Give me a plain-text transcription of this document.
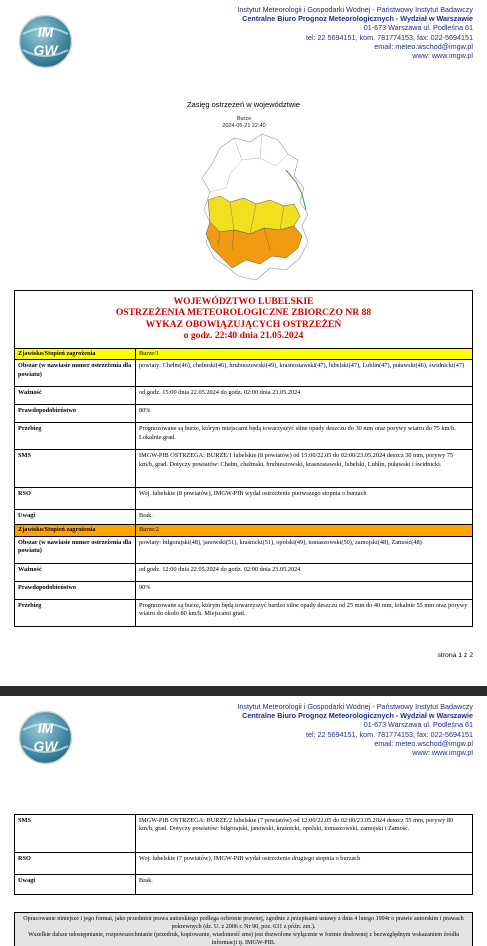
IM
GW
Instytut Meteorologii i Gospodarki Wodnej - Państwowy Instytut Badawczy
Centralne Biuro Prognoz Meteorologicznych - Wydział w Warszawie
01-673 Warszawa ul. Podleśna 61
tel: 22 5694151, kom. 781774153, fax: 022-5694151
email: meteo.wschod@imgw.pl
www: www.imgw.pl
Zasięg ostrzeżeń w województwie
Burze
2024-05-21 22:40
WOJEWÓDZTWO LUBELSKIE
OSTRZEŻENIA METEOROLOGICZNE ZBIORCZO NR 88
WYKAZ OBOWIĄZUJĄCYCH OSTRZEŻEŃ
o godz. 22:40 dnia 21.05.2024
Zjawisko/Stopień zagrożenia	Burze/1
Obszar (w nawiasie numer ostrzeżenia dla powiatu)	powiaty: Chełm(46), chełmski(46), hrubieszowski(49), krasnostawski(47), lubelski(47), Lublin(47), puławski(46), świdnicki(47)
Ważność	od godz. 15:00 dnia 22.05.2024 do godz. 02:00 dnia 23.05.2024
Prawdopodobieństwo	80%
Przebieg	Prognozowane są burze, którym miejscami będą towarzyszyć silne opady deszczu do 30 mm oraz porywy wiatru do 75 km/h. Lokalnie grad.
SMS	IMGW-PIB OSTRZEGA: BURZE/1 lubelskie (8 powiatów) od 15:00/22.05 do 02:00/23.05.2024 deszcz 30 mm, porywy 75 km/h, grad. Dotyczy powiatów: Chełm, chełmski, hrubieszowski, krasnostawski, lubelski, Lublin, puławski i świdnicki.
RSO	Woj. lubelskie (8 powiatów), IMGW-PIB wydał ostrzeżenie pierwszego stopnia o burzach
Uwagi	Brak.
Zjawisko/Stopień zagrożenia	Burze/2
Obszar (w nawiasie numer ostrzeżenia dla powiatu)	powiaty: biłgorajski(48), janowski(51), kraśnicki(51), opolski(49), tomaszowski(50), zamojski(48), Zamość(48)
Ważność	od godz. 12:00 dnia 22.05.2024 do godz. 02:00 dnia 23.05.2024
Prawdopodobieństwo	90%
Przebieg	Prognozowane są burze, którym będą towarzyszyć bardzo silne opady deszczu od 25 mm do 40 mm, lokalnie 55 mm oraz porywy wiatru do około 80 km/h. Miejscami grad.
strona 1 z 2
IM
GW
Instytut Meteorologii i Gospodarki Wodnej - Państwowy Instytut Badawczy
Centralne Biuro Prognoz Meteorologicznych - Wydział w Warszawie
01-673 Warszawa ul. Podleśna 61
tel: 22 5694151, kom. 781774153, fax: 022-5694151
email: meteo.wschod@imgw.pl
www: www.imgw.pl
SMS	IMGW-PIB OSTRZEGA: BURZE/2 lubelskie (7 powiatów) od 12:00/22.05 do 02:00/23.05.2024 deszcz 55 mm, porywy 80 km/h, grad. Dotyczy powiatów: biłgorajski, janowski, kraśnicki, opolski, tomaszowski, zamojski i Zamość.
RSO	Woj. lubelskie (7 powiatów), IMGW-PIB wydał ostrzeżenie drugiego stopnia o burzach
Uwagi	Brak.

Opracowanie niniejsze i jego format, jako przedmiot prawa autorskiego podlega ochronie prawnej, zgodnie z przepisami ustawy z dnia 4 lutego 1994r o prawie autorskim i prawach pokrewnych (dz. U. z 2006 r. Nr 90, poz. 631 z późn. zm.).

Wszelkie dalsze udostępnianie, rozpowszechnianie (przedruk, kopiowanie, wiadomość sms) jest dozwolone wyłącznie w formie dosłownej z bezwzględnym wskazaniem źródła informacji tj. IMGW-PIB.
